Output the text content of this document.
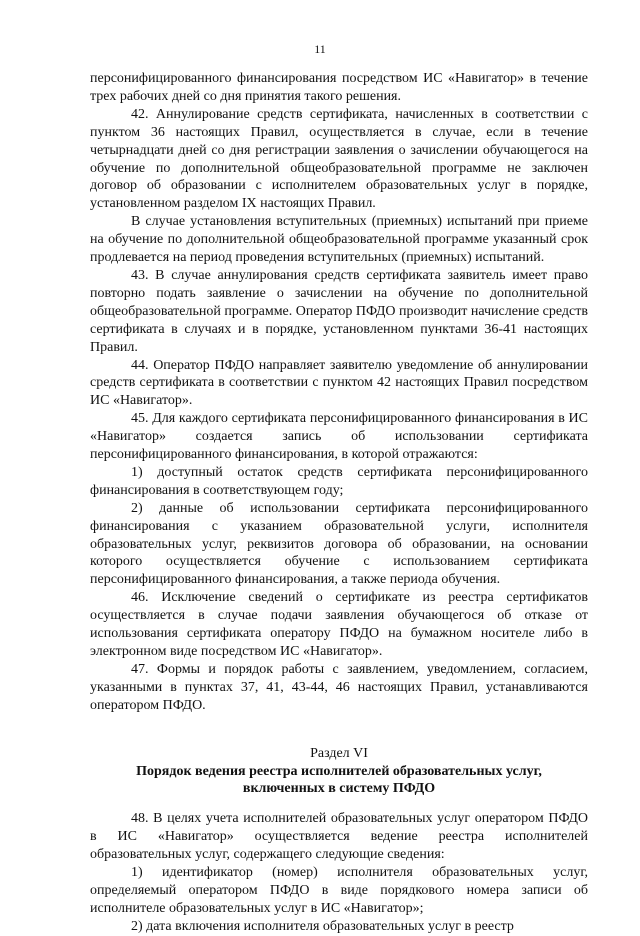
11

персонифицированного финансирования посредством ИС «Навигатор» в течение трех рабочих дней со дня принятия такого решения.

42. Аннулирование средств сертификата, начисленных в соответствии с пунктом 36 настоящих Правил, осуществляется в случае, если в течение четырнадцати дней со дня регистрации заявления о зачислении обучающегося на обучение по дополнительной общеобразовательной программе не заключен договор об образовании с исполнителем образовательных услуг в порядке, установленном разделом IX настоящих Правил.

В случае установления вступительных (приемных) испытаний при приеме на обучение по дополнительной общеобразовательной программе указанный срок продлевается на период проведения вступительных (приемных) испытаний.

43. В случае аннулирования средств сертификата заявитель имеет право повторно подать заявление о зачислении на обучение по дополнительной общеобразовательной программе. Оператор ПФДО производит начисление средств сертификата в случаях и в порядке, установленном пунктами 36-41 настоящих Правил.

44. Оператор ПФДО направляет заявителю уведомление об аннулировании средств сертификата в соответствии с пунктом 42 настоящих Правил посредством ИС «Навигатор».

45. Для каждого сертификата персонифицированного финансирования в ИС «Навигатор» создается запись об использовании сертификата персонифицированного финансирования, в которой отражаются:

1) доступный остаток средств сертификата персонифицированного финансирования в соответствующем году;

2) данные об использовании сертификата персонифицированного финансирования с указанием образовательной услуги, исполнителя образовательных услуг, реквизитов договора об образовании, на основании которого осуществляется обучение с использованием сертификата персонифицированного финансирования, а также периода обучения.

46. Исключение сведений о сертификате из реестра сертификатов осуществляется в случае подачи заявления обучающегося об отказе от использования сертификата оператору ПФДО на бумажном носителе либо в электронном виде посредством ИС «Навигатор».

47. Формы и порядок работы с заявлением, уведомлением, согласием, указанными в пунктах 37, 41, 43-44, 46 настоящих Правил, устанавливаются оператором ПФДО.

Раздел VI

Порядок ведения реестра исполнителей образовательных услуг,

включенных в систему ПФДО

48. В целях учета исполнителей образовательных услуг оператором ПФДО в ИС «Навигатор» осуществляется ведение реестра исполнителей образовательных услуг, содержащего следующие сведения:

1) идентификатор (номер) исполнителя образовательных услуг, определяемый оператором ПФДО в виде порядкового номера записи об исполнителе образовательных услуг в ИС «Навигатор»;

2) дата включения исполнителя образовательных услуг в реестр
